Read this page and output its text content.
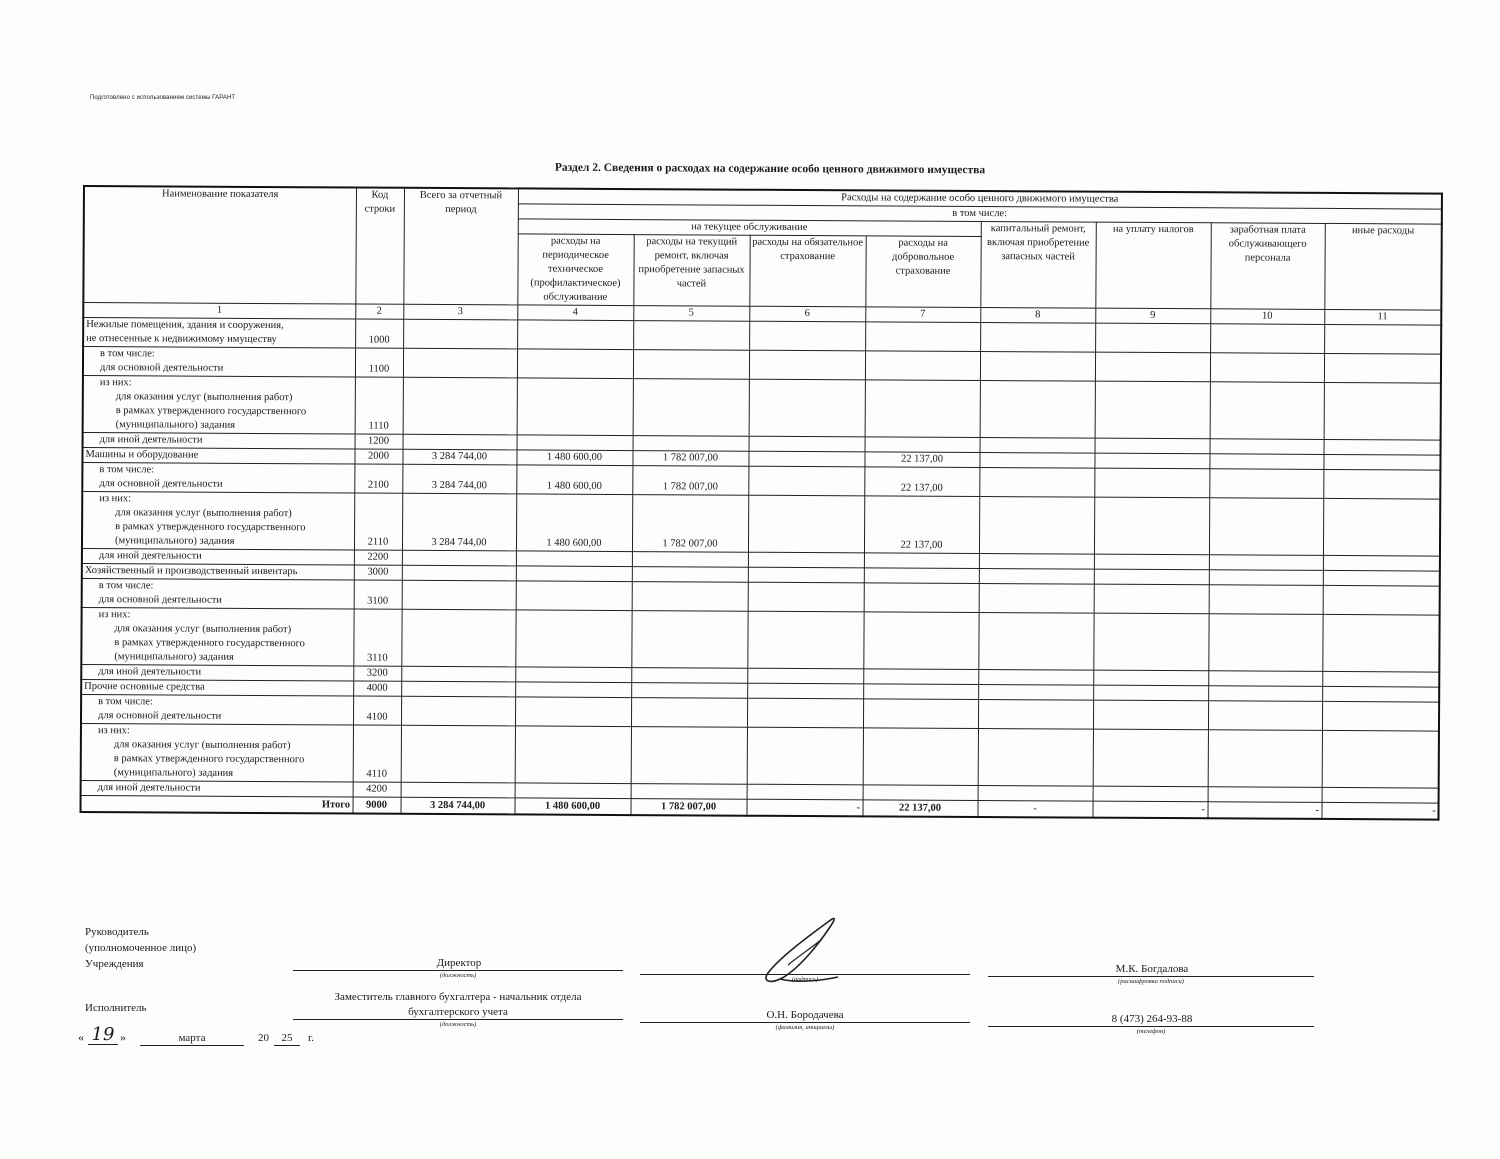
Подготовлено с использованием системы ГАРАНТ
Раздел 2. Сведения о расходах на содержание особо ценного движимого имущества
Наименование показателя	Код строки	Всего за отчетный период	Расходы на содержание особо ценного движимого имущества							
			в том числе:							
			на текущее обслуживание				капитальный ремонт, включая приобретение запасных частей	на уплату налогов	заработная плата обслуживающего персонала	иные расходы
			расходы на периодическое техническое (профилактическое) обслуживание	расходы на текущий ремонт, включая приобретение запасных частей	расходы на обязательное страхование	расходы на добровольное страхование				
1	2	3	4	5	6	7	8	9	10	11

Нежилые помещения, здания и сооружения,
не отнесенные к недвижимому имуществу	1000									

в том числе:
для основной деятельности	1100									

из них:
для оказания услуг (выполнения работ)
в рамках утвержденного государственного
(муниципального) задания	1110									

для иной деятельности	1200									

Машины и оборудование	2000	3 284 744,00	1 480 600,00	1 782 007,00		22 137,00				

в том числе:
для основной деятельности	2100	3 284 744,00	1 480 600,00	1 782 007,00		22 137,00				

из них:
для оказания услуг (выполнения работ)
в рамках утвержденного государственного
(муниципального) задания	2110	3 284 744,00	1 480 600,00	1 782 007,00		22 137,00				

для иной деятельности	2200									

Хозяйственный и производственный инвентарь	3000									

в том числе:
для основной деятельности	3100									

из них:
для оказания услуг (выполнения работ)
в рамках утвержденного государственного
(муниципального) задания	3110									

для иной деятельности	3200									

Прочие основные средства	4000									

в том числе:
для основной деятельности	4100									

из них:
для оказания услуг (выполнения работ)
в рамках утвержденного государственного
(муниципального) задания	4110									

для иной деятельности	4200									
Итого	9000	3 284 744,00	1 480 600,00	1 782 007,00	-	22 137,00	-	-	-	-
Руководитель
(уполномоченное лицо)
Учреждения	Директор
(должность)
(подпись)
М.К. Богдалова
(расшифровка подписи)
Исполнитель
Заместитель главного бухгалтера - начальник отдела
бухгалтерского учета
(должность)
О.Н. Бородачева
(фамилия, инициалы)
8 (473) 264-93-88
(телефон)
« 19 »	марта	20	25	г.
